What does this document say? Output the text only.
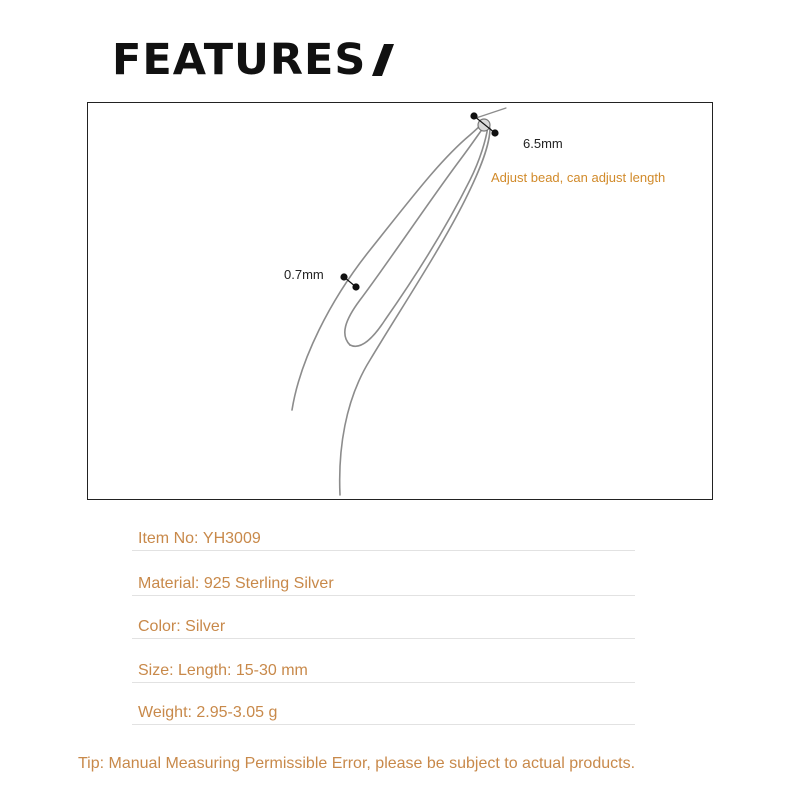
FEATURES
6.5mm
Adjust bead, can adjust length
0.7mm
Item No: YH3009
Material: 925 Sterling Silver
Color: Silver
Size: Length: 15-30 mm
Weight: 2.95-3.05 g
Tip: Manual Measuring Permissible Error, please be subject to actual products.
